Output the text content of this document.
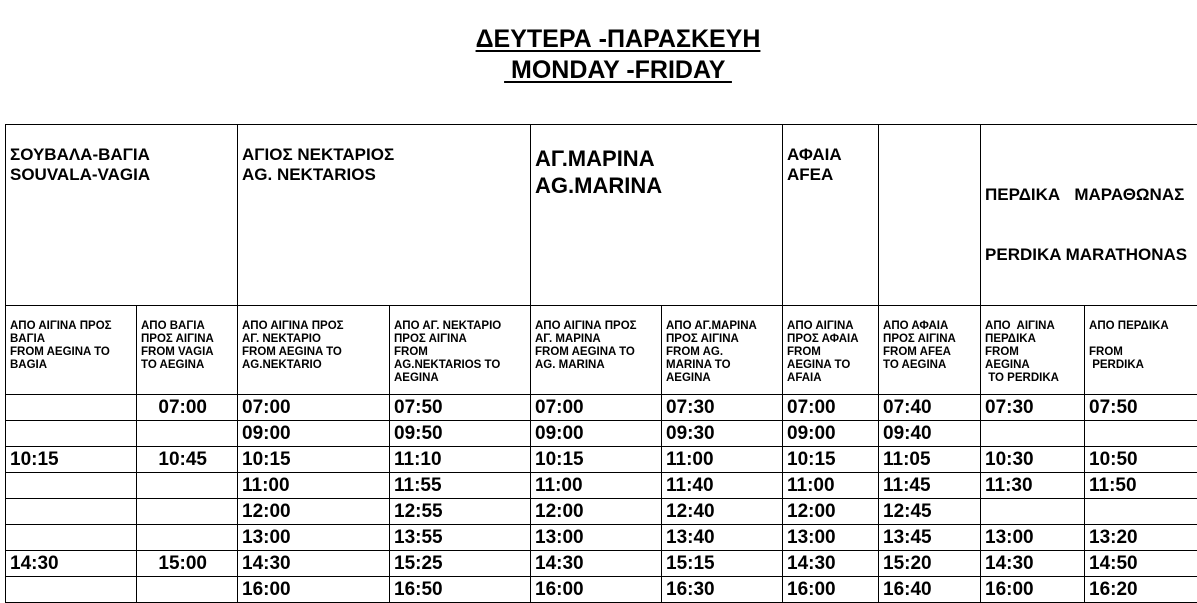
ΔΕΥΤΕΡΑ -ΠΑΡΑΣΚΕΥΗ
MONDAY -FRIDAY
ΣΟΥΒΑΛΑ-ΒΑΓΙΑ
SOUVALA-VAGIA		ΑΓΙΟΣ ΝΕΚΤΑΡΙΟΣ
AG. NEKTARIOS		ΑΓ.ΜΑΡΙΝΑ
AG.MARINA		ΑΦΑΙΑ
AFEA		ΠΕΡΔΙΚΑ   ΜΑΡΑΘΩΝΑΣ

PERDIKA MARATHONAS	

ΑΠΟ ΑΙΓΙΝΑ ΠΡΟΣ
ΒΑΓΙΑ
FROM AEGINA TO
BAGIA	ΑΠΟ ΒΑΓΙΑ
ΠΡΟΣ ΑΙΓΙΝΑ
FROM VAGIA
TO AEGINA	ΑΠΟ ΑΙΓΙΝΑ ΠΡΟΣ
ΑΓ. ΝΕΚΤΑΡΙΟ
FROM AEGINA TO
AG.NEKTARIO	ΑΠΟ ΑΓ. ΝΕΚΤΑΡΙΟ
ΠΡΟΣ ΑΙΓΙΝΑ
FROM
AG.NEKTARIOS TO
AEGINA	ΑΠΟ ΑΙΓΙΝΑ ΠΡΟΣ
ΑΓ. ΜΑΡΙΝΑ
FROM AEGINA TO
AG. MARINA	ΑΠΟ ΑΓ.ΜΑΡΙΝΑ
ΠΡΟΣ ΑΙΓΙΝΑ
FROM AG.
MARINA TO
AEGINA	ΑΠΟ ΑΙΓΙΝΑ
ΠΡΟΣ ΑΦΑΙΑ
FROM
AEGINA TO
AFAIA	ΑΠΟ ΑΦΑΙΑ
ΠΡΟΣ ΑΙΓΙΝΑ
FROM AFEA
TO AEGINA	ΑΠΟ  ΑΙΓΙΝΑ
ΠΕΡΔΙΚΑ
FROM
AEGINA
TO PERDIKA	ΑΠΟ ΠΕΡΔΙΚΑ

FROM
PERDIKA

	07:00	07:00	07:50	07:00	07:30	07:00	07:40	07:30	07:50
		09:00	09:50	09:00	09:30	09:00	09:40		
10:15	10:45	10:15	11:10	10:15	11:00	10:15	11:05	10:30	10:50
		11:00	11:55	11:00	11:40	11:00	11:45	11:30	11:50
		12:00	12:55	12:00	12:40	12:00	12:45		
		13:00	13:55	13:00	13:40	13:00	13:45	13:00	13:20
14:30	15:00	14:30	15:25	14:30	15:15	14:30	15:20	14:30	14:50
		16:00	16:50	16:00	16:30	16:00	16:40	16:00	16:20
